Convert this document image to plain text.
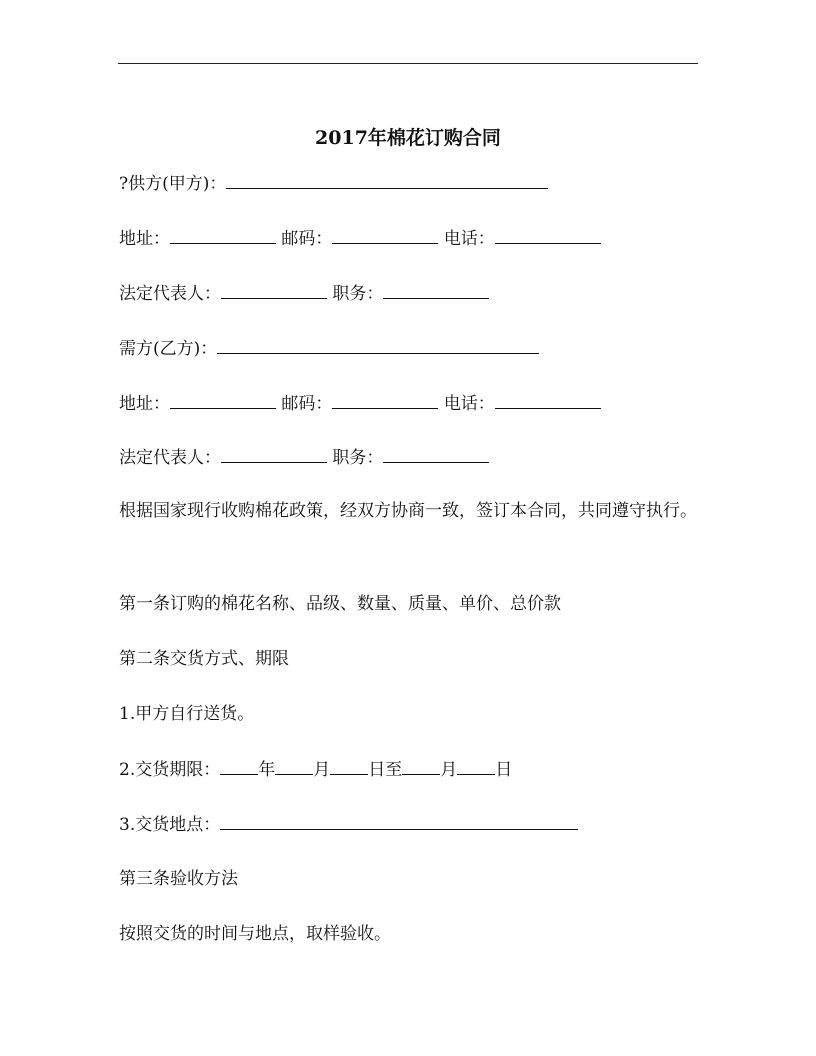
2017年棉花订购合同
?供方(甲方)：
地址：	邮码：	电话：
法定代表人：	职务：
需方(乙方)：
地址：	邮码：	电话：
法定代表人：	职务：

根据国家现行收购棉花政策，经双方协商一致，签订本合同，共同遵守执行。

第一条订购的棉花名称、品级、数量、质量、单价、总价款
第二条交货方式、期限
1.甲方自行送货。
2.交货期限： 年 月 日至 月 日
3.交货地点：
第三条验收方法
按照交货的时间与地点，取样验收。
